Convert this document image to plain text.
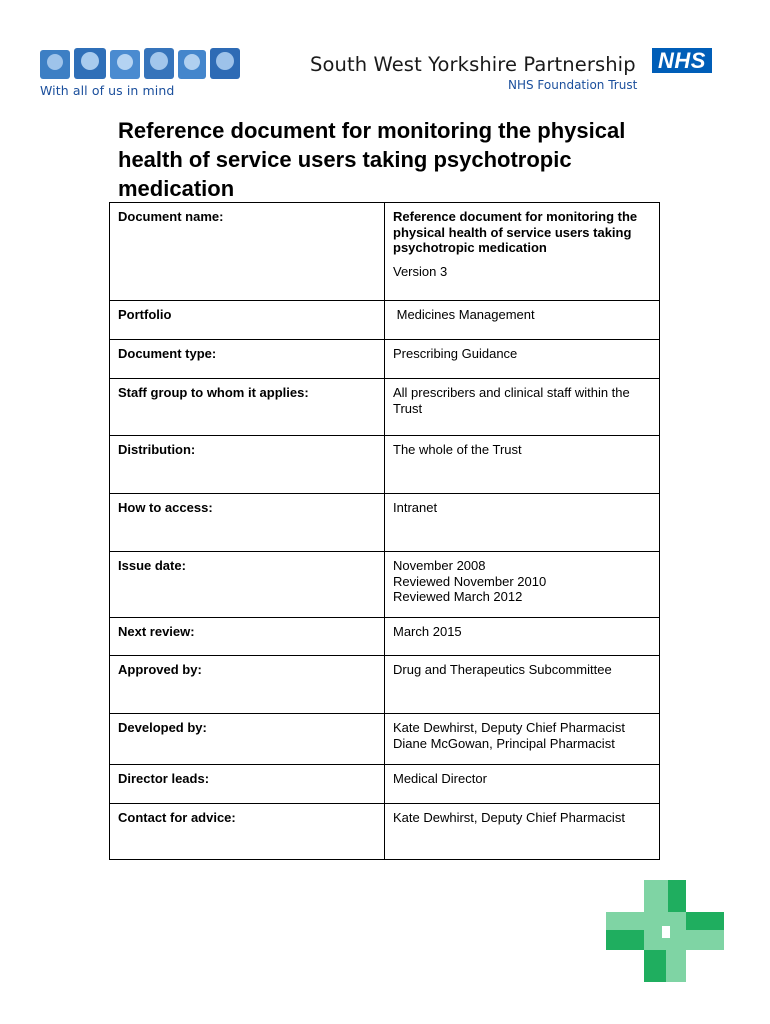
With all of us in mind
South West Yorkshire Partnership NHS
NHS Foundation Trust
Reference document for monitoring the physical health of service users taking psychotropic medication
Document name:	Reference document for monitoring the physical health of service users taking psychotropic medication
Version 3

Portfolio	Medicines Management
Document type:	Prescribing Guidance
Staff group to whom it applies:	All prescribers and clinical staff within the Trust
Distribution:	The whole of the Trust
How to access:	Intranet
Issue date:	November 2008
Reviewed November 2010
Reviewed March 2012

Next review:	March 2015
Approved by:	Drug and Therapeutics Subcommittee
Developed by:	Kate Dewhirst, Deputy Chief Pharmacist
Diane McGowan, Principal Pharmacist

Director leads:	Medical Director
Contact for advice:	Kate Dewhirst, Deputy Chief Pharmacist
